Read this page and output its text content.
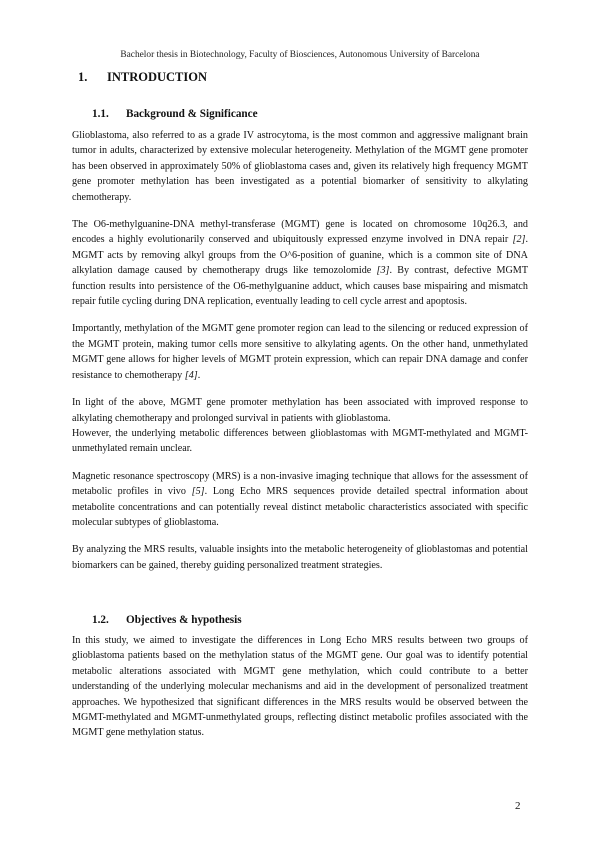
Bachelor thesis in Biotechnology, Faculty of Biosciences, Autonomous University of Barcelona
1. INTRODUCTION
1.1. Background & Significance

Glioblastoma, also referred to as a grade IV astrocytoma, is the most common and aggressive malignant brain tumor in adults, characterized by extensive molecular heterogeneity. Methylation of the MGMT gene promoter has been observed in approximately 50% of glioblastoma cases and, given its relatively high frequency MGMT gene promoter methylation has been investigated as a potential biomarker of sensitivity to alkylating chemotherapy.

The O6-methylguanine-DNA methyl-transferase (MGMT) gene is located on chromosome 10q26.3, and encodes a highly evolutionarily conserved and ubiquitously expressed enzyme involved in DNA repair [2]. MGMT acts by removing alkyl groups from the O^6-position of guanine, which is a common site of DNA alkylation damage caused by chemotherapy drugs like temozolomide [3]. By contrast, defective MGMT function results into persistence of the O6-methylguanine adduct, which causes base mispairing and mismatch repair futile cycling during DNA replication, eventually leading to cell cycle arrest and apoptosis.

Importantly, methylation of the MGMT gene promoter region can lead to the silencing or reduced expression of the MGMT protein, making tumor cells more sensitive to alkylating agents. On the other hand, unmethylated MGMT gene allows for higher levels of MGMT protein expression, which can repair DNA damage and confer resistance to chemotherapy [4].

In light of the above, MGMT gene promoter methylation has been associated with improved response to alkylating chemotherapy and prolonged survival in patients with glioblastoma.

However, the underlying metabolic differences between glioblastomas with MGMT-methylated and MGMT-unmethylated remain unclear.

Magnetic resonance spectroscopy (MRS) is a non-invasive imaging technique that allows for the assessment of metabolic profiles in vivo [5]. Long Echo MRS sequences provide detailed spectral information about metabolite concentrations and can potentially reveal distinct metabolic characteristics associated with specific molecular subtypes of glioblastoma.

By analyzing the MRS results, valuable insights into the metabolic heterogeneity of glioblastomas and potential biomarkers can be gained, thereby guiding personalized treatment strategies.

1.2. Objectives & hypothesis

In this study, we aimed to investigate the differences in Long Echo MRS results between two groups of glioblastoma patients based on the methylation status of the MGMT gene. Our goal was to identify potential metabolic alterations associated with MGMT gene methylation, which could contribute to a better understanding of the underlying molecular mechanisms and aid in the development of personalized treatment approaches. We hypothesized that significant differences in the MRS results would be observed between the MGMT-methylated and MGMT-unmethylated groups, reflecting distinct metabolic profiles associated with the MGMT gene methylation status.

2
